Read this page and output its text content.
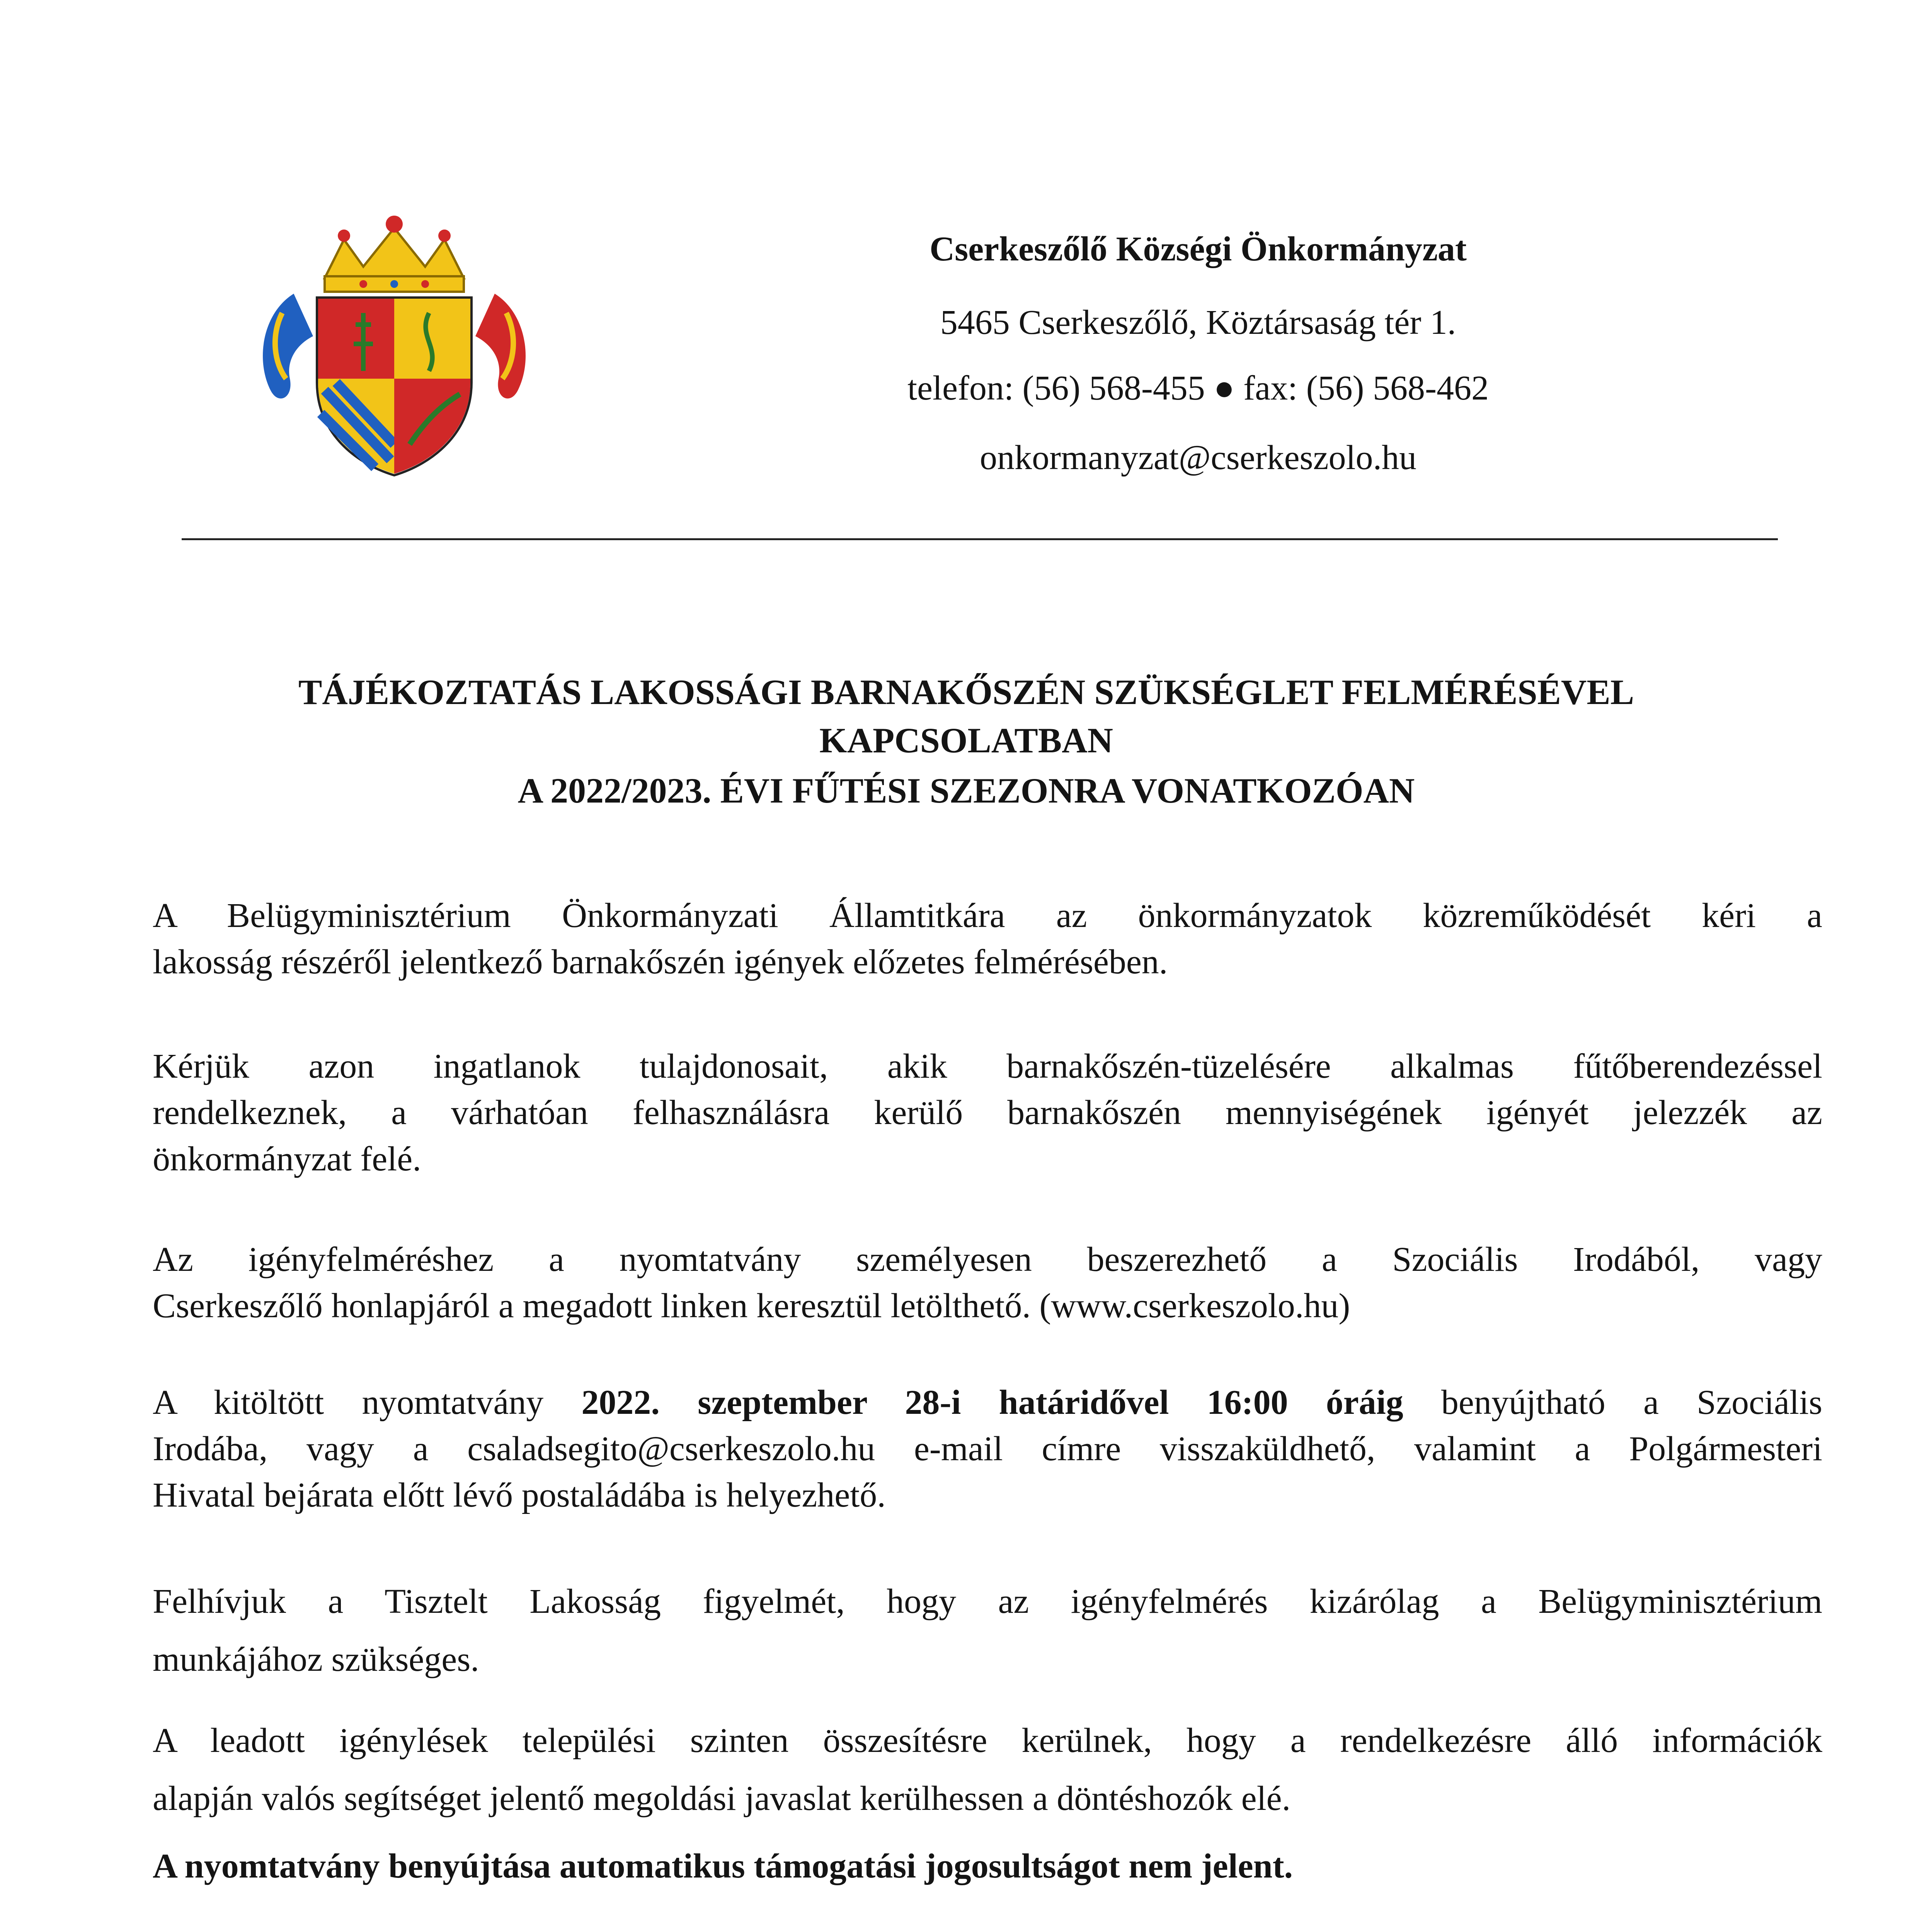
Cserkeszőlő Községi Önkormányzat
5465 Cserkeszőlő, Köztársaság tér 1.
telefon: (56) 568-455 ● fax: (56) 568-462
onkormanyzat@cserkeszolo.hu
TÁJÉKOZTATÁS LAKOSSÁGI BARNAKŐSZÉN SZÜKSÉGLET FELMÉRÉSÉVEL
KAPCSOLATBAN
A 2022/2023. ÉVI FŰTÉSI SZEZONRA VONATKOZÓAN
A Belügyminisztérium Önkormányzati Államtitkára az önkormányzatok közreműködését kéri a
lakosság részéről jelentkező barnakőszén igények előzetes felmérésében.
Kérjük azon ingatlanok tulajdonosait, akik barnakőszén-tüzelésére alkalmas fűtőberendezéssel
rendelkeznek, a várhatóan felhasználásra kerülő barnakőszén mennyiségének igényét jelezzék az
önkormányzat felé.
Az igényfelméréshez a nyomtatvány személyesen beszerezhető a Szociális Irodából, vagy
Cserkeszőlő honlapjáról a megadott linken keresztül letölthető. (www.cserkeszolo.hu)
A kitöltött nyomtatvány 2022. szeptember 28-i határidővel 16:00 óráig benyújtható a Szociális
Irodába, vagy a csaladsegito@cserkeszolo.hu e-mail címre visszaküldhető, valamint a Polgármesteri
Hivatal bejárata előtt lévő postaládába is helyezhető.
Felhívjuk a Tisztelt Lakosság figyelmét, hogy az igényfelmérés kizárólag a Belügyminisztérium
munkájához szükséges.
A leadott igénylések települési szinten összesítésre kerülnek, hogy a rendelkezésre álló információk
alapján valós segítséget jelentő megoldási javaslat kerülhessen a döntéshozók elé.
A nyomtatvány benyújtása automatikus támogatási jogosultságot nem jelent.
